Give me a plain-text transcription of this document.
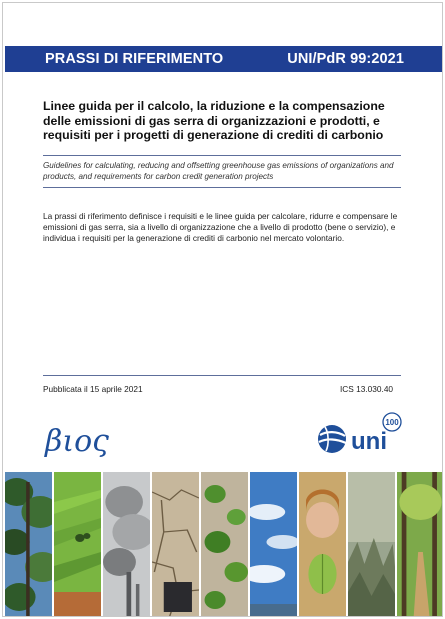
PRASSI DI RIFERIMENTO	UNI/PdR 99:2021
Linee guida per il calcolo, la riduzione e la compensazione delle emissioni di gas serra di organizzazioni e prodotti, e requisiti per i progetti di generazione di crediti di carbonio
Guidelines for calculating, reducing and offsetting greenhouse gas emissions of organizations and products, and requirements for carbon credit generation projects
La prassi di riferimento definisce i requisiti e le linee guida per calcolare, ridurre e compensare le emissioni di gas serra, sia a livello di organizzazione che a livello di prodotto (bene o servizio), e individua i requisiti per la generazione di crediti di carbonio nel mercato volontario.
Pubblicata il 15 aprile 2021	ICS 13.030.40
βιος	uni
100
